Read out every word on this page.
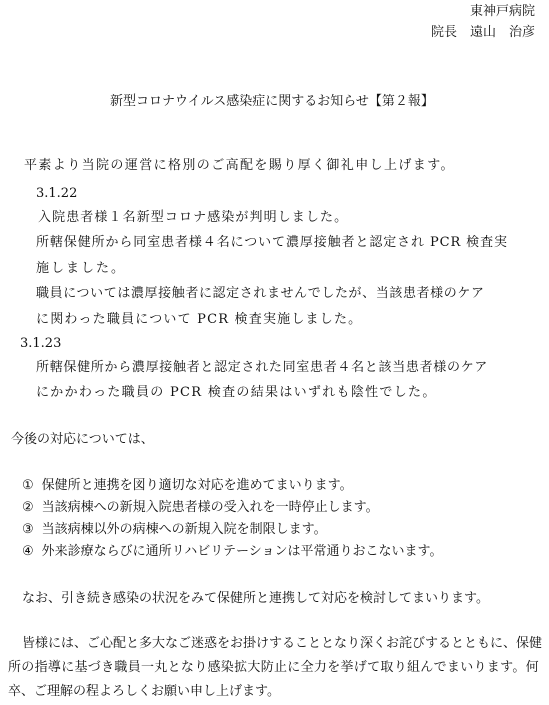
東神戸病院
院長　遠山　治彦
新型コロナウイルス感染症に関するお知らせ【第２報】
平素より当院の運営に格別のご高配を賜り厚く御礼申し上げます。
3.1.22
入院患者様１名新型コロナ感染が判明しました。
所轄保健所から同室患者様４名について濃厚接触者と認定され PCR 検査実
施しました。
職員については濃厚接触者に認定されませんでしたが、当該患者様のケア
に関わった職員について PCR 検査実施しました。
3.1.23
所轄保健所から濃厚接触者と認定された同室患者４名と該当患者様のケア
にかかわった職員の PCR 検査の結果はいずれも陰性でした。
今後の対応については、
① 保健所と連携を図り適切な対応を進めてまいります。
② 当該病棟への新規入院患者様の受入れを一時停止します。
③ 当該病棟以外の病棟への新規入院を制限します。
④ 外来診療ならびに通所リハビリテーションは平常通りおこないます。
なお、引き続き感染の状況をみて保健所と連携して対応を検討してまいります。
皆様には、ご心配と多大なご迷惑をお掛けすることとなり深くお詫びするとともに、保健
所の指導に基づき職員一丸となり感染拡大防止に全力を挙げて取り組んでまいります。何
卒、ご理解の程よろしくお願い申し上げます。
